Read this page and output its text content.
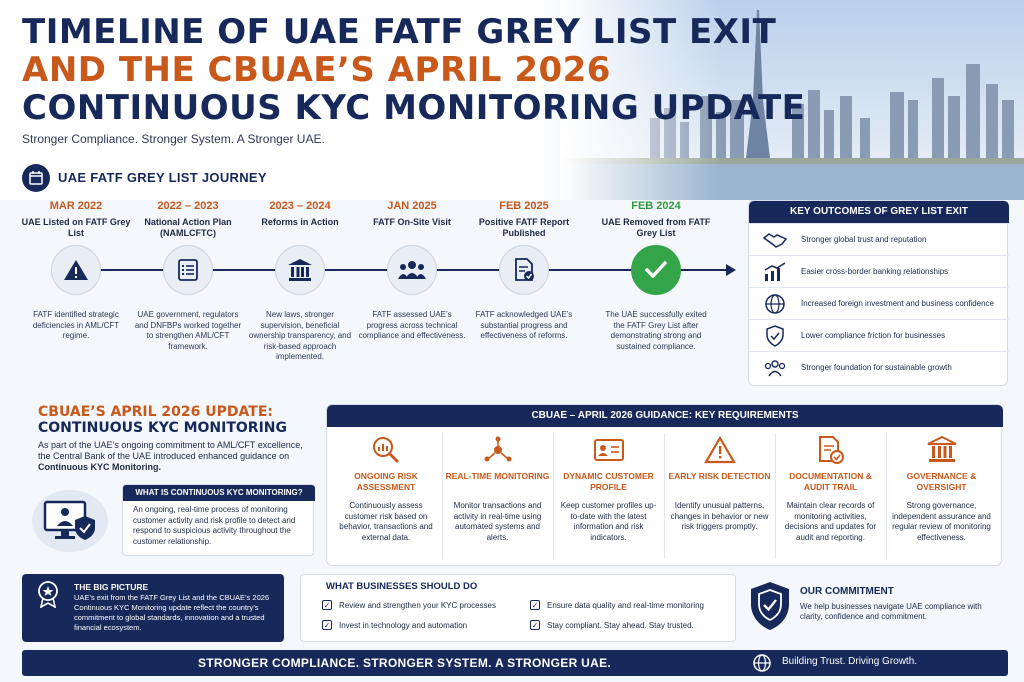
TIMELINE OF UAE FATF GREY LIST EXIT
AND THE CBUAE’S APRIL 2026
CONTINUOUS KYC MONITORING UPDATE
Stronger Compliance. Stronger System. A Stronger UAE.
UAE FATF GREY LIST JOURNEY
MAR 2022
UAE Listed on FATF Grey List
FATF identified strategic deficiencies in AML/CFT regime.
2022 – 2023
National Action Plan (NAMLCFTC)
UAE government, regulators and DNFBPs worked together to strengthen AML/CFT framework.
2023 – 2024
Reforms in Action
New laws, stronger supervision, beneficial ownership transparency, and risk-based approach implemented.
JAN 2025
FATF On-Site Visit
FATF assessed UAE’s progress across technical compliance and effectiveness.
FEB 2025
Positive FATF Report Published
FATF acknowledged UAE’s substantial progress and effectiveness of reforms.
FEB 2024
UAE Removed from FATF Grey List
The UAE successfully exited the FATF Grey List after demonstrating strong and sustained compliance.
KEY OUTCOMES OF GREY LIST EXIT
Stronger global trust and reputation
Easier cross-border banking relationships
Increased foreign investment and business confidence
Lower compliance friction for businesses
Stronger foundation for sustainable growth
CBUAE’S APRIL 2026 UPDATE:
CONTINUOUS KYC MONITORING
As part of the UAE’s ongoing commitment to AML/CFT excellence, the Central Bank of the UAE introduced enhanced guidance on Continuous KYC Monitoring.
WHAT IS CONTINUOUS KYC MONITORING?
An ongoing, real-time process of monitoring customer activity and risk profile to detect and respond to suspicious activity throughout the customer relationship.
CBUAE – APRIL 2026 GUIDANCE: KEY REQUIREMENTS
ONGOING RISK ASSESSMENT
Continuously assess customer risk based on behavior, transactions and external data.
REAL-TIME MONITORING
Monitor transactions and activity in real-time using automated systems and alerts.
DYNAMIC CUSTOMER PROFILE
Keep customer profiles up-to-date with the latest information and risk indicators.
EARLY RISK DETECTION
Identify unusual patterns, changes in behavior or new risk triggers promptly.
DOCUMENTATION & AUDIT TRAIL
Maintain clear records of monitoring activities, decisions and updates for audit and reporting.
GOVERNANCE & OVERSIGHT
Strong governance, independent assurance and regular review of monitoring effectiveness.
THE BIG PICTURE
UAE’s exit from the FATF Grey List and the CBUAE’s 2026 Continuous KYC Monitoring update reflect the country’s commitment to global standards, innovation and a trusted financial ecosystem.
WHAT BUSINESSES SHOULD DO
✓ Review and strengthen your KYC processes	✓ Ensure data quality and real-time monitoring
✓ Invest in technology and automation	✓ Stay compliant. Stay ahead. Stay trusted.
OUR COMMITMENT
We help businesses navigate UAE compliance with clarity, confidence and commitment.
STRONGER COMPLIANCE. STRONGER SYSTEM. A STRONGER UAE.	Building Trust. Driving Growth.
